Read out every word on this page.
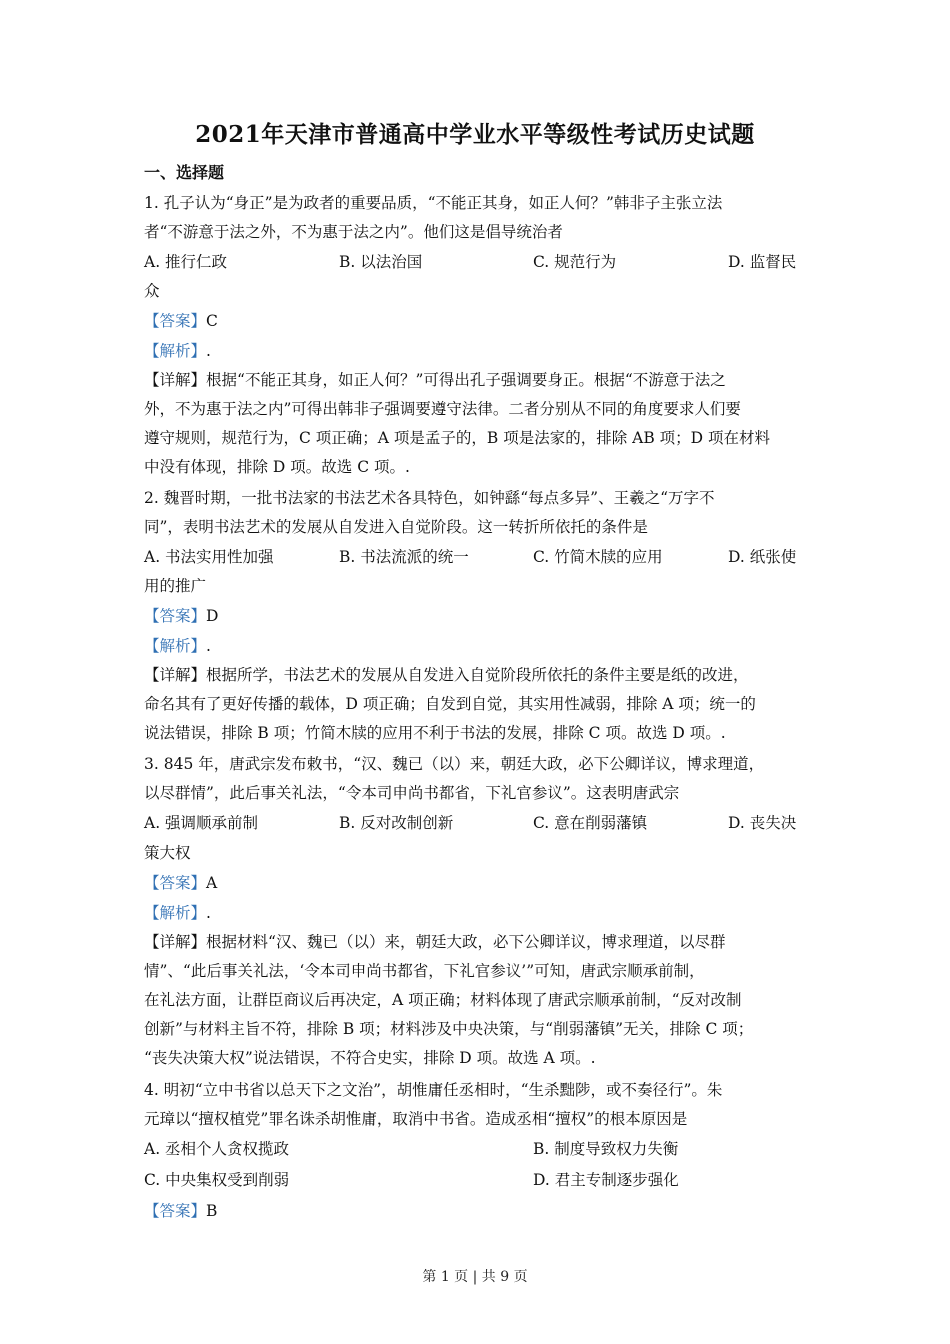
2021年天津市普通高中学业水平等级性考试历史试题
一、选择题
1. 孔子认为“身正”是为政者的重要品质，“不能正其身，如正人何？”韩非子主张立法
者“不游意于法之外，不为惠于法之内”。他们这是倡导统治者
A. 推行仁政	B. 以法治国	C. 规范行为	D. 监督民
众
【答案】C
【解析】.
【详解】根据“不能正其身，如正人何？”可得出孔子强调要身正。根据“不游意于法之
外，不为惠于法之内”可得出韩非子强调要遵守法律。二者分别从不同的角度要求人们要
遵守规则，规范行为，C 项正确；A 项是孟子的，B 项是法家的，排除 AB 项；D 项在材料
中没有体现，排除 D 项。故选 C 项。.
2. 魏晋时期，一批书法家的书法艺术各具特色，如钟繇“每点多异”、王羲之“万字不
同”，表明书法艺术的发展从自发进入自觉阶段。这一转折所依托的条件是
A. 书法实用性加强	B. 书法流派的统一	C. 竹简木牍的应用	D. 纸张使
用的推广
【答案】D
【解析】.
【详解】根据所学，书法艺术的发展从自发进入自觉阶段所依托的条件主要是纸的改进，
命名其有了更好传播的载体，D 项正确；自发到自觉，其实用性减弱，排除 A 项；统一的
说法错误，排除 B 项；竹简木牍的应用不利于书法的发展，排除 C 项。故选 D 项。.
3. 845 年，唐武宗发布敕书，“汉、魏已（以）来，朝廷大政，必下公卿详议，博求理道，
以尽群情”，此后事关礼法，“令本司申尚书都省，下礼官参议”。这表明唐武宗
A. 强调顺承前制	B. 反对改制创新	C. 意在削弱藩镇	D. 丧失决
策大权
【答案】A
【解析】.
【详解】根据材料“汉、魏已（以）来，朝廷大政，必下公卿详议，博求理道，以尽群
情”、“此后事关礼法，‘令本司申尚书都省，下礼官参议’”可知，唐武宗顺承前制，
在礼法方面，让群臣商议后再决定，A 项正确；材料体现了唐武宗顺承前制，“反对改制
创新”与材料主旨不符，排除 B 项；材料涉及中央决策，与“削弱藩镇”无关，排除 C 项；
“丧失决策大权”说法错误，不符合史实，排除 D 项。故选 A 项。.
4. 明初“立中书省以总天下之文治”，胡惟庸任丞相时，“生杀黜陟，或不奏径行”。朱
元璋以“擅权植党”罪名诛杀胡惟庸，取消中书省。造成丞相“擅权”的根本原因是
A. 丞相个人贪权揽政	B. 制度导致权力失衡
C. 中央集权受到削弱	D. 君主专制逐步强化
【答案】B
第 1 页 | 共 9 页
